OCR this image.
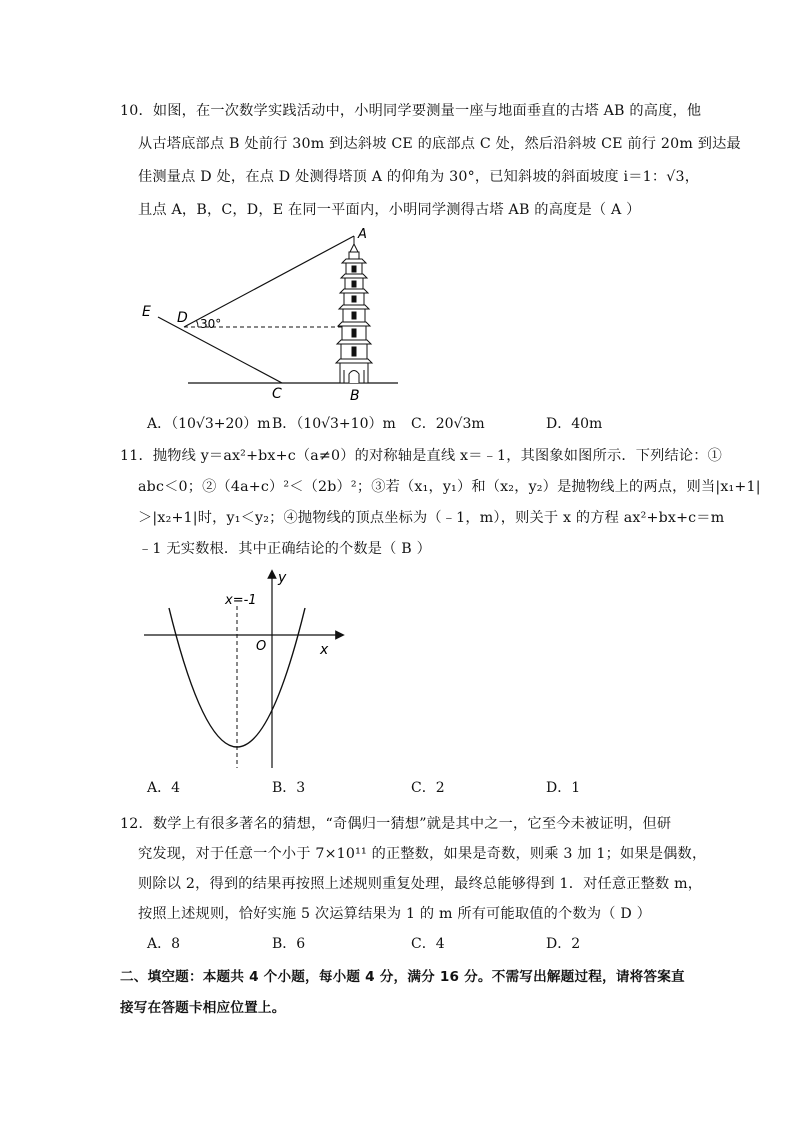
10．如图，在一次数学实践活动中，小明同学要测量一座与地面垂直的古塔 AB 的高度，他
从古塔底部点 B 处前行 30m 到达斜坡 CE 的底部点 C 处，然后沿斜坡 CE 前行 20m 到达最
佳测量点 D 处，在点 D 处测得塔顶 A 的仰角为 30°，已知斜坡的斜面坡度 i＝1：√3，
且点 A，B，C，D，E 在同一平面内，小明同学测得古塔 AB 的高度是（ A ）
E D
C
A
B
30°
A．（10√3+20）m B．（10√3+10）m C．20√3m	D．40m
11．抛物线 y＝ax²+bx+c（a≠0）的对称轴是直线 x＝﹣1，其图象如图所示．下列结论：①
abc＜0；②（4a+c）²＜（2b）²；③若（x₁，y₁）和（x₂，y₂）是抛物线上的两点，则当|x₁+1|
＞|x₂+1|时，y₁＜y₂；④抛物线的顶点坐标为（﹣1，m），则关于 x 的方程 ax²+bx+c＝m
﹣1 无实数根．其中正确结论的个数是（ B ）
x=-1
y
x
O
A．4	B．3	C．2	D．1
12．数学上有很多著名的猜想，“奇偶归一猜想”就是其中之一，它至今未被证明，但研
究发现，对于任意一个小于 7×10¹¹ 的正整数，如果是奇数，则乘 3 加 1；如果是偶数，
则除以 2，得到的结果再按照上述规则重复处理，最终总能够得到 1．对任意正整数 m，
按照上述规则，恰好实施 5 次运算结果为 1 的 m 所有可能取值的个数为（ D ）
A．8	B．6	C．4	D．2
二、填空题：本题共 4 个小题，每小题 4 分，满分 16 分。不需写出解题过程，请将答案直
接写在答题卡相应位置上。
